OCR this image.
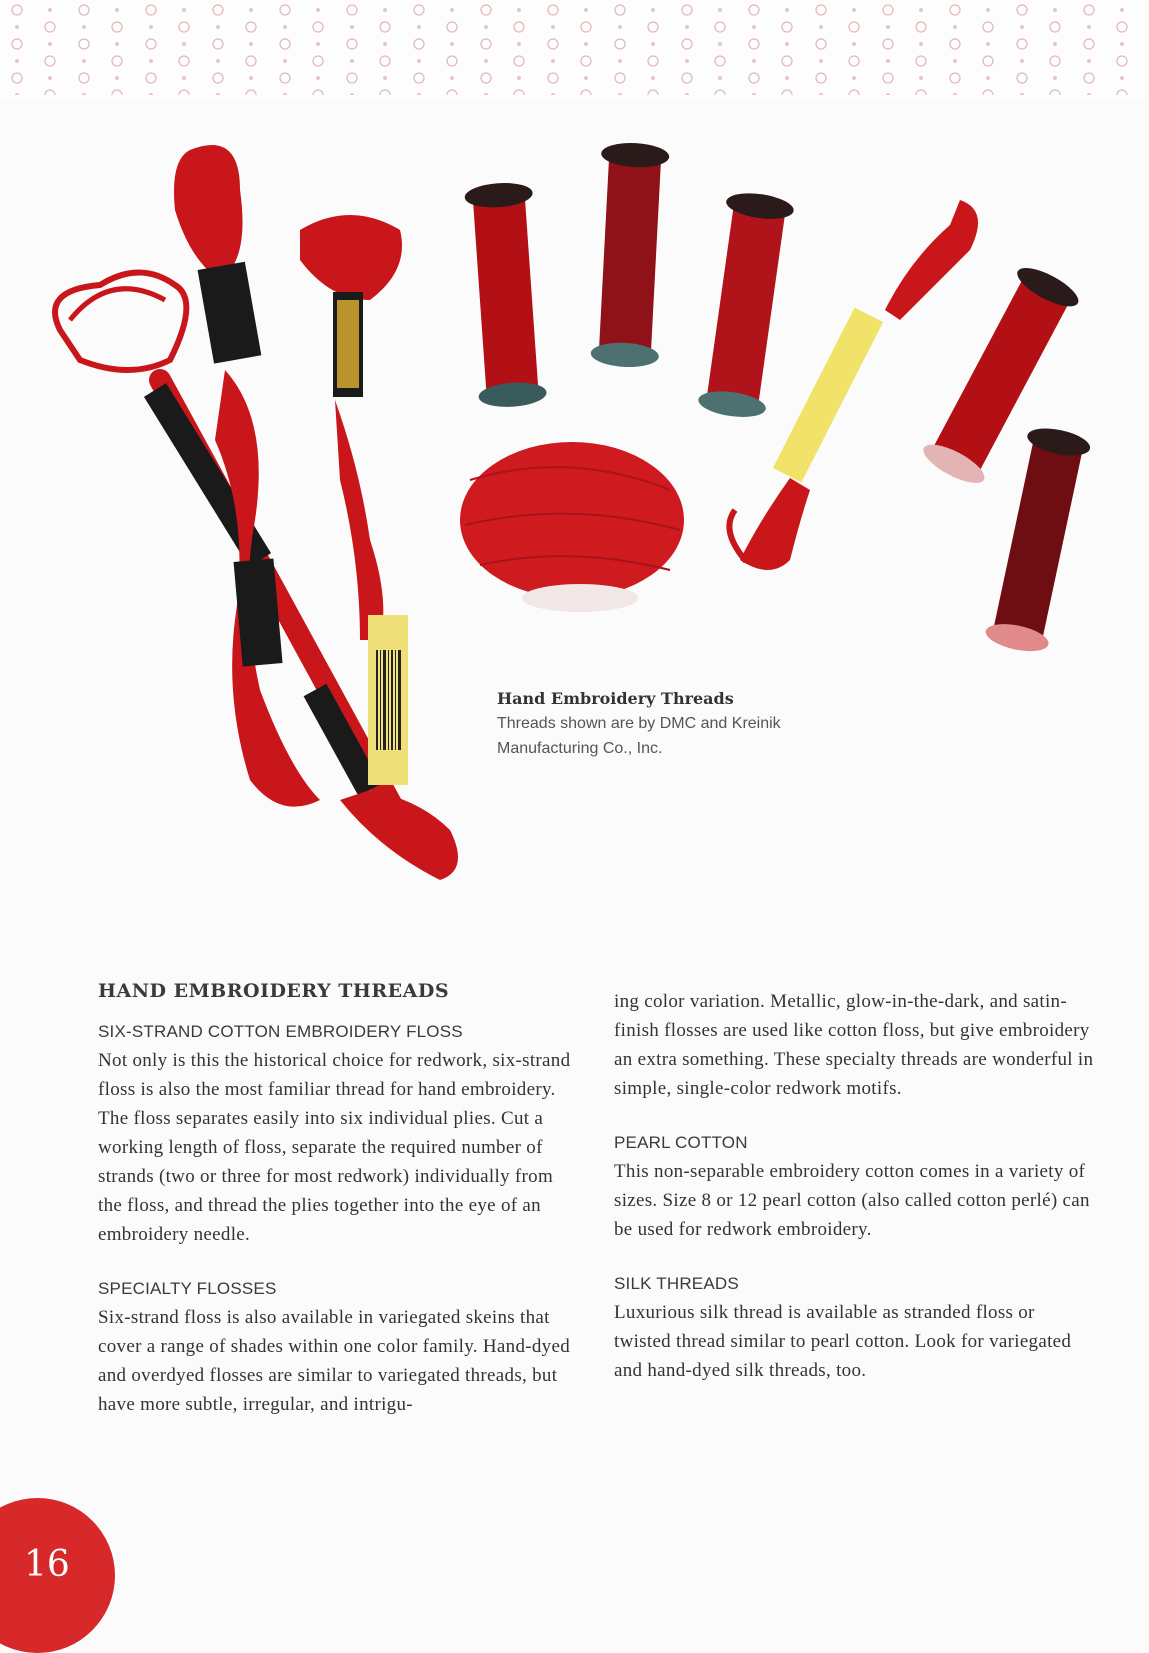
Hand Embroidery Threads
Threads shown are by DMC and Kreinik Manufacturing Co., Inc.
HAND EMBROIDERY THREADS
SIX-STRAND COTTON EMBROIDERY FLOSS

Not only is this the historical choice for redwork, six-strand floss is also the most familiar thread for hand embroidery. The floss separates easily into six individual plies. Cut a working length of floss, separate the required number of strands (two or three for most redwork) individually from the floss, and thread the plies together into the eye of an embroidery needle.

SPECIALTY FLOSSES

Six-strand floss is also available in variegated skeins that cover a range of shades within one color family. Hand-dyed and overdyed flosses are similar to variegated threads, but have more subtle, irregular, and intrigu-

ing color variation. Metallic, glow-in-the-dark, and satin-finish flosses are used like cotton floss, but give embroidery an extra something. These specialty threads are wonderful in simple, single-color redwork motifs.

PEARL COTTON

This non-separable embroidery cotton comes in a variety of sizes. Size 8 or 12 pearl cotton (also called cotton perlé) can be used for redwork embroidery.

SILK THREADS

Luxurious silk thread is available as stranded floss or twisted thread similar to pearl cotton. Look for variegated and hand-dyed silk threads, too.

16
